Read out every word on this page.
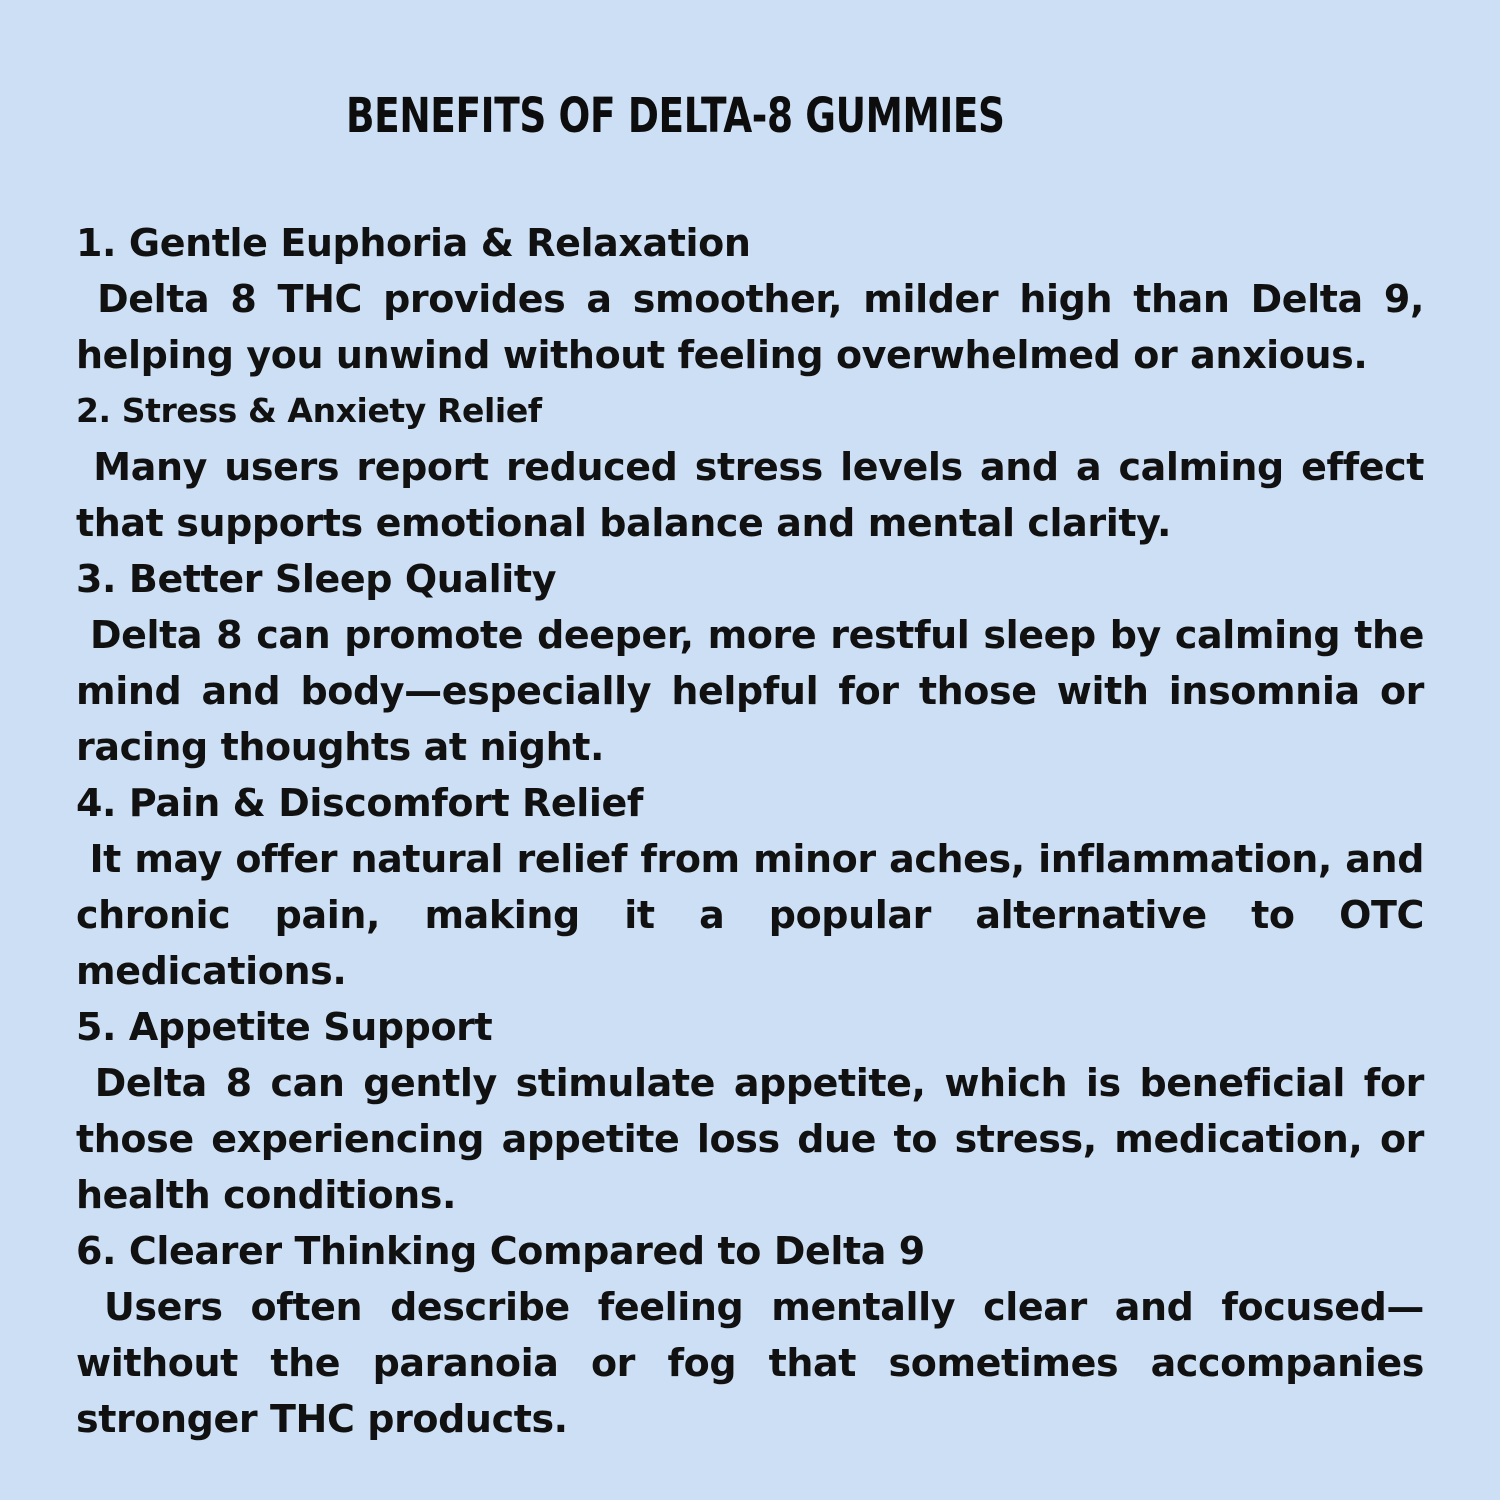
BENEFITS OF DELTA-8 GUMMIES

1. Gentle Euphoria & Relaxation

Delta 8 THC provides a smoother, milder high than Delta 9, helping you unwind without feeling overwhelmed or anxious.

2. Stress & Anxiety Relief

Many users report reduced stress levels and a calming effect that supports emotional balance and mental clarity.

3. Better Sleep Quality

Delta 8 can promote deeper, more restful sleep by calming the mind and body—especially helpful for those with insomnia or racing thoughts at night.

4. Pain & Discomfort Relief

It may offer natural relief from minor aches, inflammation, and chronic pain, making it a popular alternative to OTC medications.

5. Appetite Support

Delta 8 can gently stimulate appetite, which is beneficial for those experiencing appetite loss due to stress, medication, or health conditions.

6. Clearer Thinking Compared to Delta 9

Users often describe feeling mentally clear and focused—without the paranoia or fog that sometimes accompanies stronger THC products.
